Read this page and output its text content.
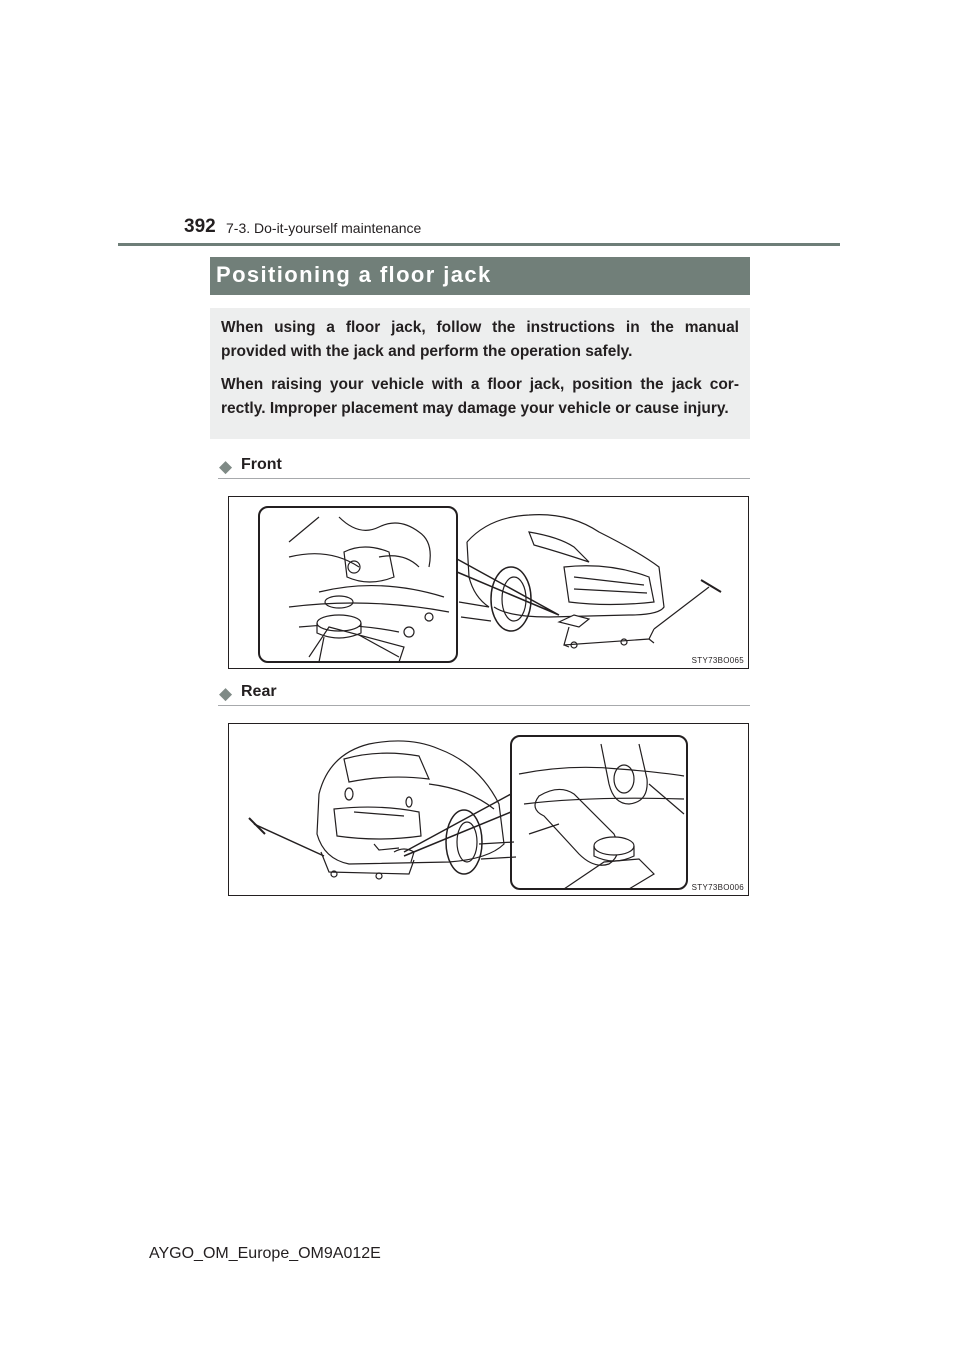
392 7-3. Do-it-yourself maintenance
Positioning a floor jack

When using a floor jack, follow the instructions in the manual provided with the jack and perform the operation safely.

When raising your vehicle with a floor jack, position the jack cor-rectly. Improper placement may damage your vehicle or cause injury.

◆ Front
STY73BO065
◆ Rear
STY73BO006
AYGO_OM_Europe_OM9A012E
